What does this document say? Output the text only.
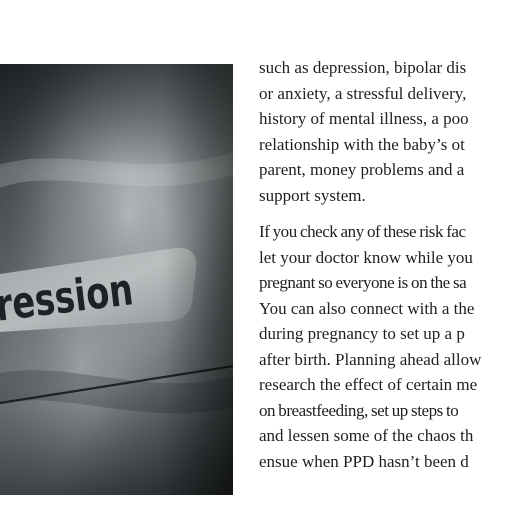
such as depression, bipolar dis
or anxiety, a stressful delivery,
history of mental illness, a poo
relationship with the baby’s ot
parent, money problems and a
support system.

If you check any of these risk fac
let your doctor know while you
pregnant so everyone is on the sa
You can also connect with a the
during pregnancy to set up a p
after birth. Planning ahead allow
research the effect of certain me
on breastfeeding, set up steps to
and lessen some of the chaos th
ensue when PPD hasn’t been d
